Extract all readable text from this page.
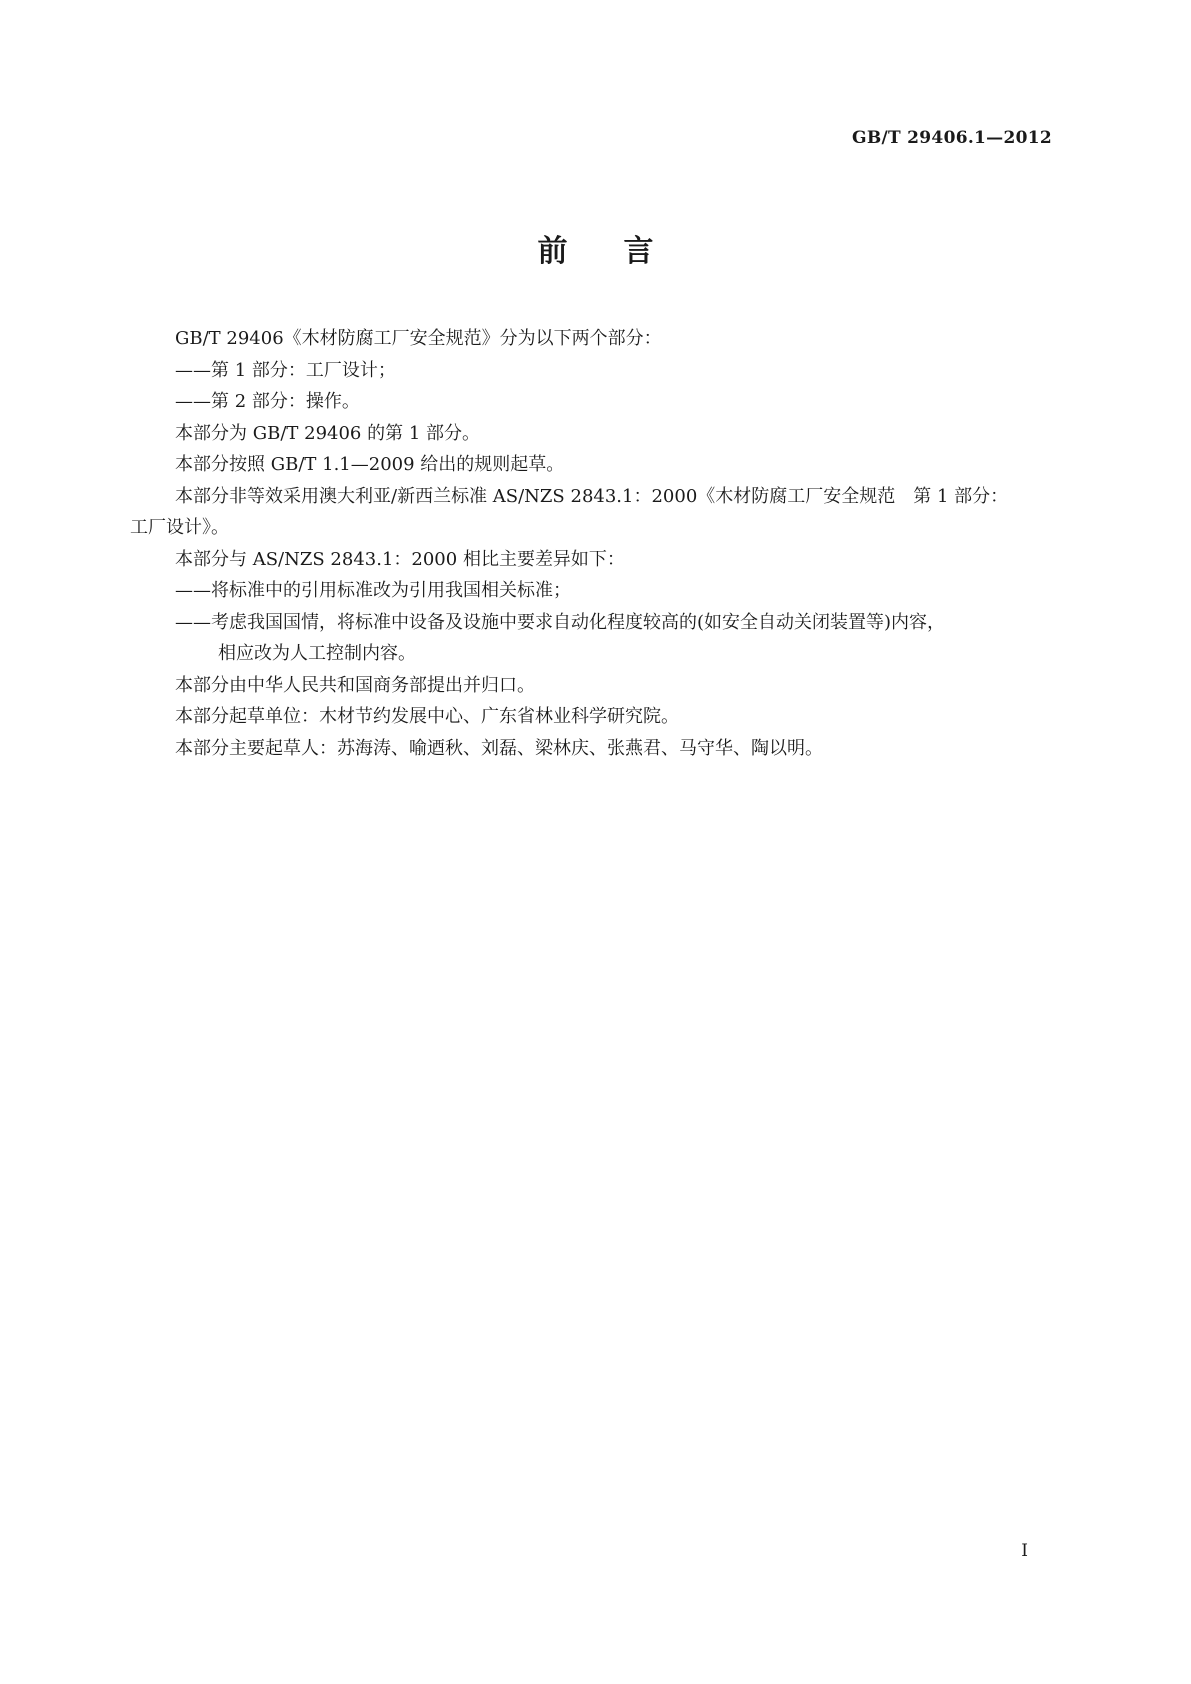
GB/T 29406.1—2012
前言

GB/T 29406《木材防腐工厂安全规范》分为以下两个部分：

——第 1 部分：工厂设计；

——第 2 部分：操作。

本部分为 GB/T 29406 的第 1 部分。

本部分按照 GB/T 1.1—2009 给出的规则起草。

本部分非等效采用澳大利亚/新西兰标准 AS/NZS 2843.1：2000《木材防腐工厂安全规范　第 1 部分：

工厂设计》。

本部分与 AS/NZS 2843.1：2000 相比主要差异如下：

——将标准中的引用标准改为引用我国相关标准；

——考虑我国国情，将标准中设备及设施中要求自动化程度较高的(如安全自动关闭装置等)内容，

相应改为人工控制内容。

本部分由中华人民共和国商务部提出并归口。

本部分起草单位：木材节约发展中心、广东省林业科学研究院。

本部分主要起草人：苏海涛、喻迺秋、刘磊、梁林庆、张燕君、马守华、陶以明。

I
